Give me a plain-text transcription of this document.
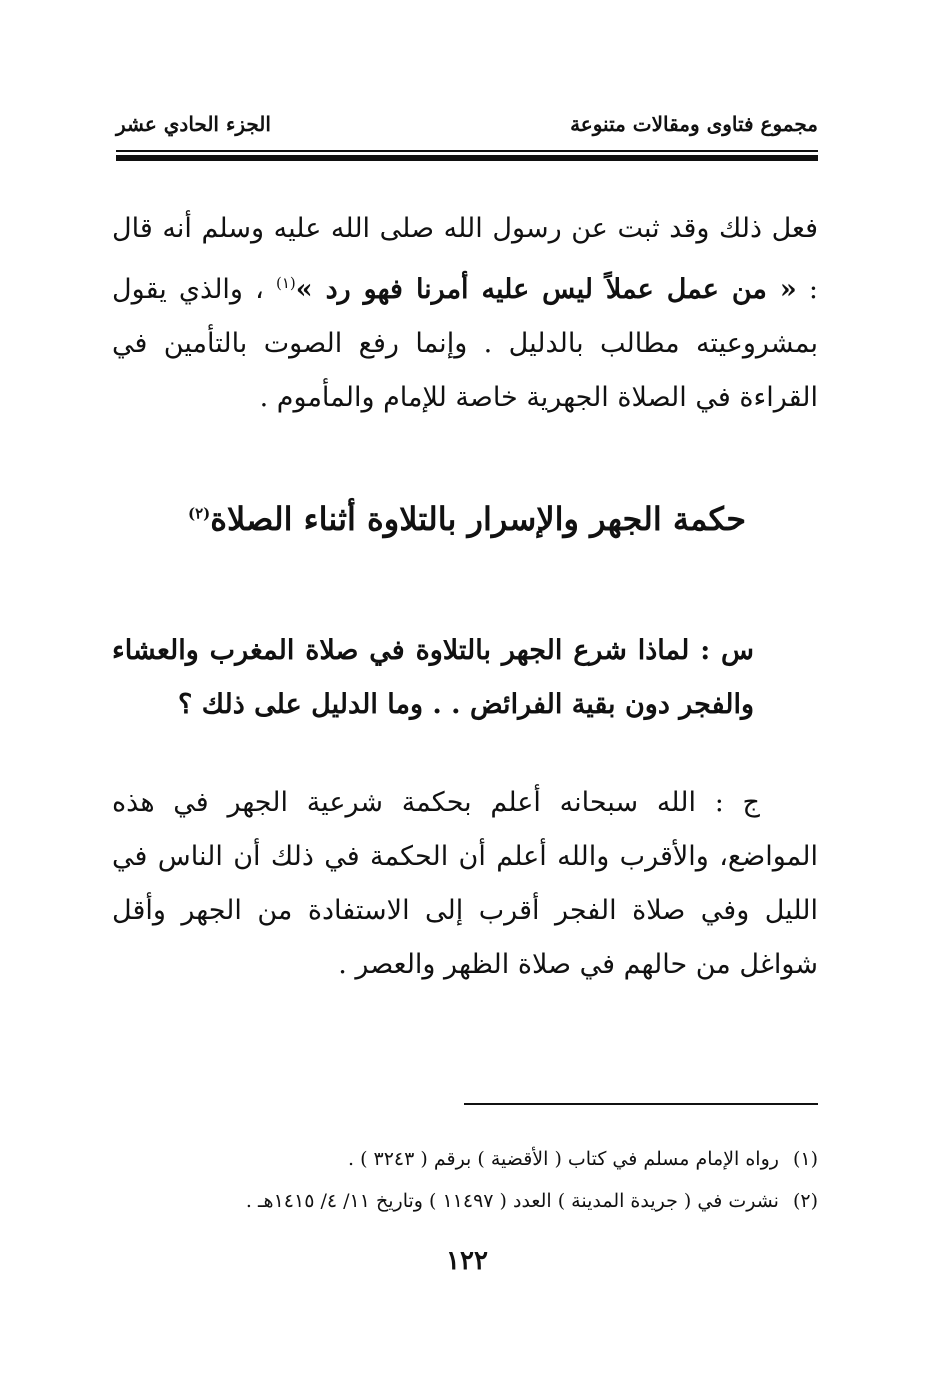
مجموع فتاوى ومقالات متنوعة
الجزء الحادي عشر
فعل ذلك وقد ثبت عن رسول الله صلى الله عليه وسلم أنه قال : « من عمل عملاً ليس عليه أمرنا فهو رد »$^{(١)}$ ، والذي يقول بمشروعيته مطالب بالدليل . وإنما رفع الصوت بالتأمين في القراءة في الصلاة الجهرية خاصة للإمام والمأموم .
حكمة الجهر والإسرار بالتلاوة أثناء الصلاة$^{(٢)}$
س : لماذا شرع الجهر بالتلاوة في صلاة المغرب والعشاء والفجر دون بقية الفرائض . . وما الدليل على ذلك ؟
ج : الله سبحانه أعلم بحكمة شرعية الجهر في هذه المواضع، والأقرب والله أعلم أن الحكمة في ذلك أن الناس في الليل وفي صلاة الفجر أقرب إلى الاستفادة من الجهر وأقل شواغل من حالهم في صلاة الظهر والعصر .
(١)رواه الإمام مسلم في كتاب ( الأقضية ) برقم ( ٣٢٤٣ ) .
(٢)نشرت في ( جريدة المدينة ) العدد ( ١١٤٩٧ ) وتاريخ ١١/ ٤/ ١٤١٥هـ .
١٢٢
